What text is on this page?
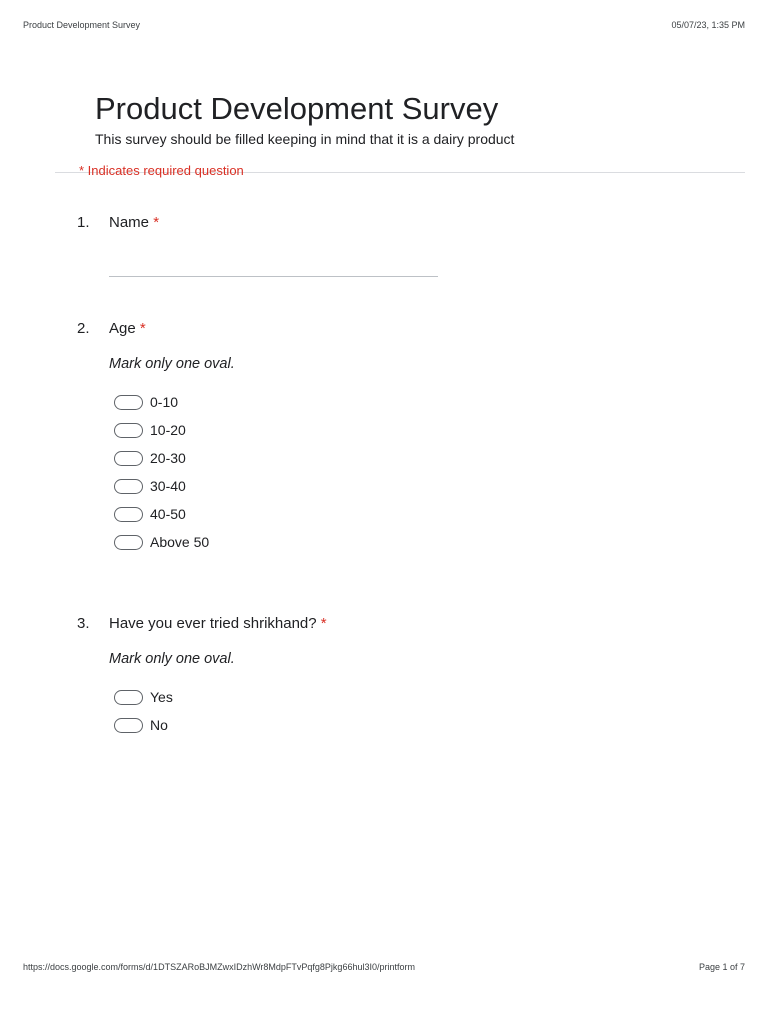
Product Development Survey	05/07/23, 1:35 PM
Product Development Survey
This survey should be filled keeping in mind that it is a dairy product
* Indicates required question
1. Name *
2. Age *
Mark only one oval.
0-10
10-20
20-30
30-40
40-50
Above 50
3. Have you ever tried shrikhand? *
Mark only one oval.
Yes
No
https://docs.google.com/forms/d/1DTSZARoBJMZwxIDzhWr8MdpFTvPqfg8Pjkg66hul3I0/printform	Page 1 of 7
